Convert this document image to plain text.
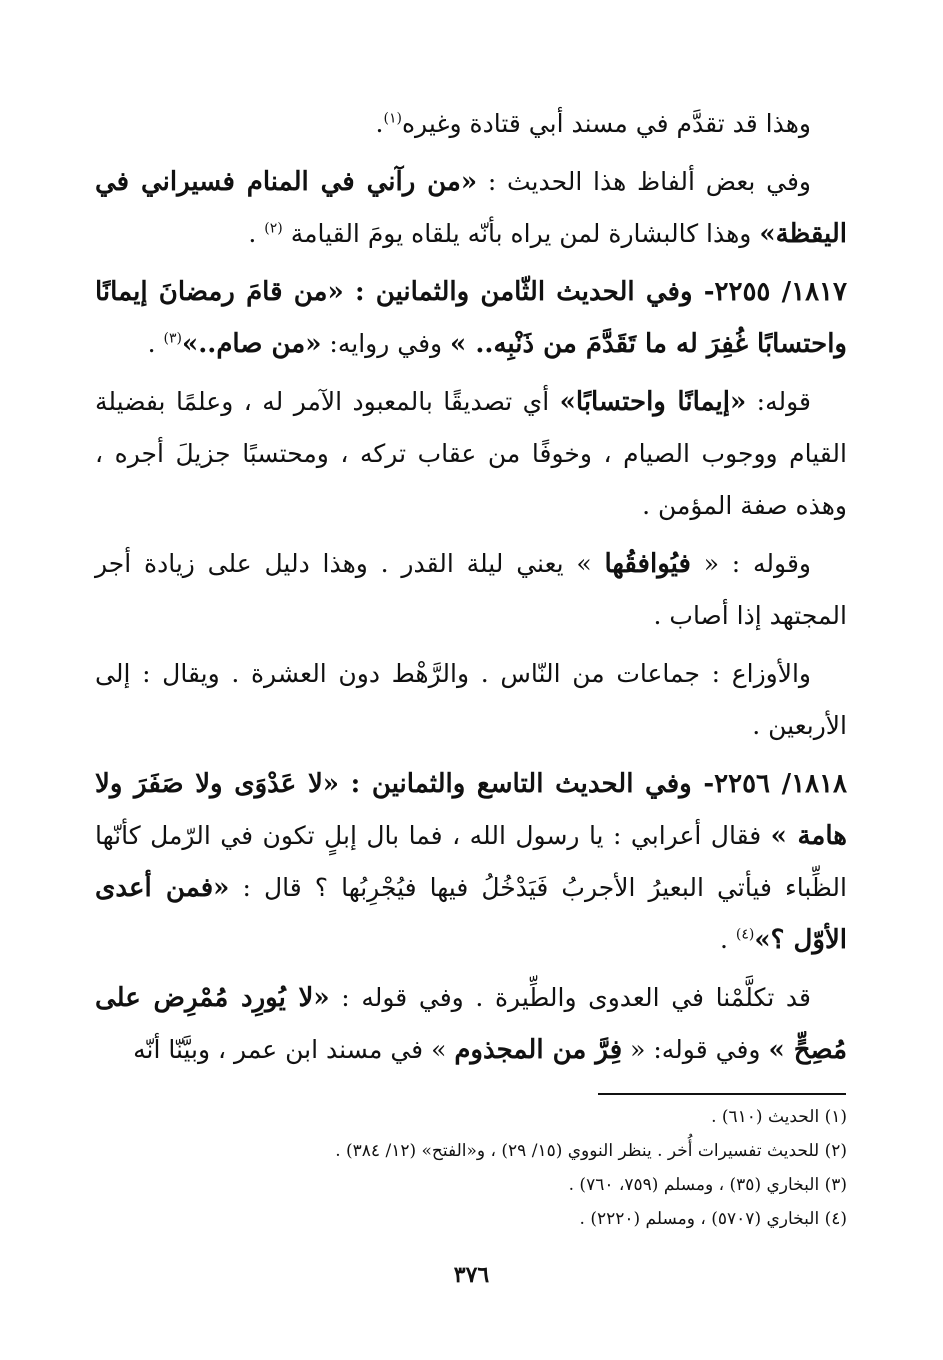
وهذا قد تقدَّم في مسند أبي قتادة وغيره$^{(١)}$.

وفي بعض ألفاظ هذا الحديث : «من رآني في المنام فسيراني في اليقظة» وهذا كالبشارة لمن يراه بأنّه يلقاه يومَ القيامة $^{(٢)}$ .

١٨١٧/ ٢٢٥٥- وفي الحديث الثّامن والثمانين : «من قامَ رمضانَ إيمانًا واحتسابًا غُفِرَ له ما تَقَدَّمَ من ذَنْبِه.. » وفي روايه: «من صام..»$^{(٣)}$ .

قوله: «إيمانًا واحتسابًا» أي تصديقًا بالمعبود الآمر له ، وعلمًا بفضيلة القيام ووجوب الصيام ، وخوفًا من عقاب تركه ، ومحتسبًا جزيلَ أجره ، وهذه صفة المؤمن .

وقوله : « فيُوافقُها » يعني ليلة القدر . وهذا دليل على زيادة أجر المجتهد إذا أصاب .

والأوزاع : جماعات من النّاس . والرَّهْط دون العشرة . ويقال : إلى الأربعين .

١٨١٨/ ٢٢٥٦- وفي الحديث التاسع والثمانين : «لا عَدْوَى ولا صَفَرَ ولا هامة » فقال أعرابي : يا رسول الله ، فما بال إبلٍ تكون في الرّمل كأنّها الظِّباء فيأتي البعيرُ الأجربُ فَيَدْخُلُ فيها فيُجْرِبُها ؟ قال : «فمن أعدى الأوّل ؟»$^{(٤)}$ .

قد تكلَّمْنا في العدوى والطِّيرة . وفي قوله : «لا يُورِد مُمْرِض على مُصِحٍّ » وفي قوله: « فِرَّ من المجذوم » في مسند ابن عمر ، وبيَّنّا أنّه

(١) الحديث (٦١٠) .
(٢) للحديث تفسيرات أُخر . ينظر النووي (١٥/ ٢٩) ، و«الفتح» (١٢/ ٣٨٤) .
(٣) البخاري (٣٥) ، ومسلم (٧٥٩، ٧٦٠) .
(٤) البخاري (٥٧٠٧) ، ومسلم (٢٢٢٠) .
٣٧٦
